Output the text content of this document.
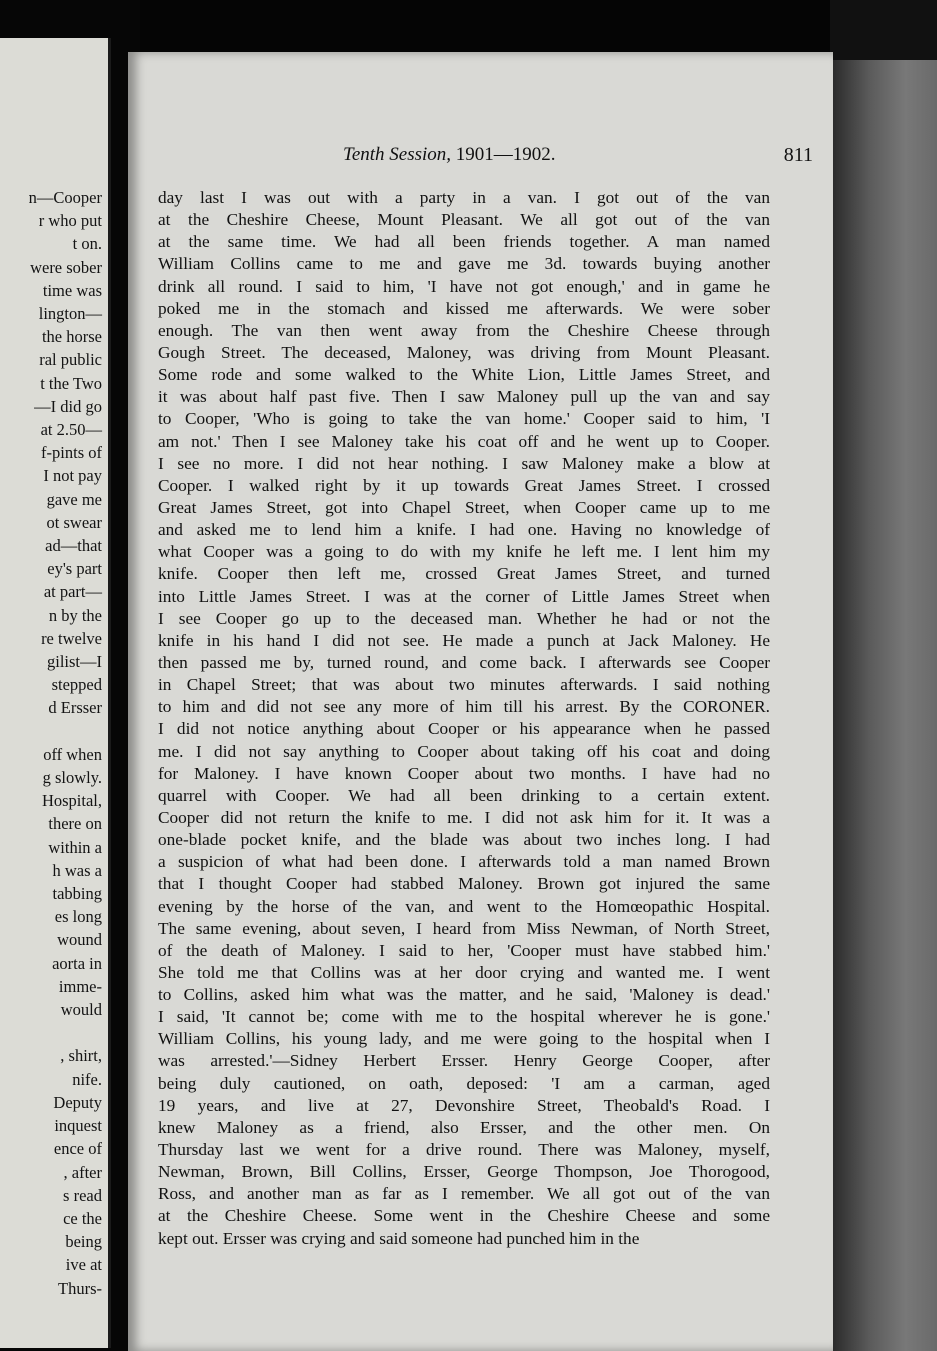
n—Cooper
r who put
t on.
were sober
time was
lington—
the horse
ral public
t the Two
—I did go
at 2.50—
f-pints of
I not pay
gave me
ot swear
ad—that
ey's part
at part—
n by the
re twelve
gilist—I
stepped
d Ersser
off when
g slowly.
Hospital,
there on
within a
h was a
tabbing
es long
wound
aorta in
imme-
would
, shirt,
nife.
Deputy
inquest
ence of
, after
s read
ce the
being
ive at
Thurs-
Tenth Session, 1901—1902.	811
day last I was out with a party in a van. I got out of the van
at the Cheshire Cheese, Mount Pleasant. We all got out of the van
at the same time. We had all been friends together. A man named
William Collins came to me and gave me 3d. towards buying another
drink all round. I said to him, 'I have not got enough,' and in game he
poked me in the stomach and kissed me afterwards. We were sober
enough. The van then went away from the Cheshire Cheese through
Gough Street. The deceased, Maloney, was driving from Mount Pleasant.
Some rode and some walked to the White Lion, Little James Street, and
it was about half past five. Then I saw Maloney pull up the van and say
to Cooper, 'Who is going to take the van home.' Cooper said to him, 'I
am not.' Then I see Maloney take his coat off and he went up to Cooper.
I see no more. I did not hear nothing. I saw Maloney make a blow at
Cooper. I walked right by it up towards Great James Street. I crossed
Great James Street, got into Chapel Street, when Cooper came up to me
and asked me to lend him a knife. I had one. Having no knowledge of
what Cooper was a going to do with my knife he left me. I lent him my
knife. Cooper then left me, crossed Great James Street, and turned
into Little James Street. I was at the corner of Little James Street when
I see Cooper go up to the deceased man. Whether he had or not the
knife in his hand I did not see. He made a punch at Jack Maloney. He
then passed me by, turned round, and come back. I afterwards see Cooper
in Chapel Street; that was about two minutes afterwards. I said nothing
to him and did not see any more of him till his arrest. By the CORONER.
I did not notice anything about Cooper or his appearance when he passed
me. I did not say anything to Cooper about taking off his coat and doing
for Maloney. I have known Cooper about two months. I have had no
quarrel with Cooper. We had all been drinking to a certain extent.
Cooper did not return the knife to me. I did not ask him for it. It was a
one-blade pocket knife, and the blade was about two inches long. I had
a suspicion of what had been done. I afterwards told a man named Brown
that I thought Cooper had stabbed Maloney. Brown got injured the same
evening by the horse of the van, and went to the Homœopathic Hospital.
The same evening, about seven, I heard from Miss Newman, of North Street,
of the death of Maloney. I said to her, 'Cooper must have stabbed him.'
She told me that Collins was at her door crying and wanted me. I went
to Collins, asked him what was the matter, and he said, 'Maloney is dead.'
I said, 'It cannot be; come with me to the hospital wherever he is gone.'
William Collins, his young lady, and me were going to the hospital when I
was arrested.'—Sidney Herbert Ersser. Henry George Cooper, after
being duly cautioned, on oath, deposed: 'I am a carman, aged
19 years, and live at 27, Devonshire Street, Theobald's Road. I
knew Maloney as a friend, also Ersser, and the other men. On
Thursday last we went for a drive round. There was Maloney, myself,
Newman, Brown, Bill Collins, Ersser, George Thompson, Joe Thorogood,
Ross, and another man as far as I remember. We all got out of the van
at the Cheshire Cheese. Some went in the Cheshire Cheese and some
kept out. Ersser was crying and said someone had punched him in the
